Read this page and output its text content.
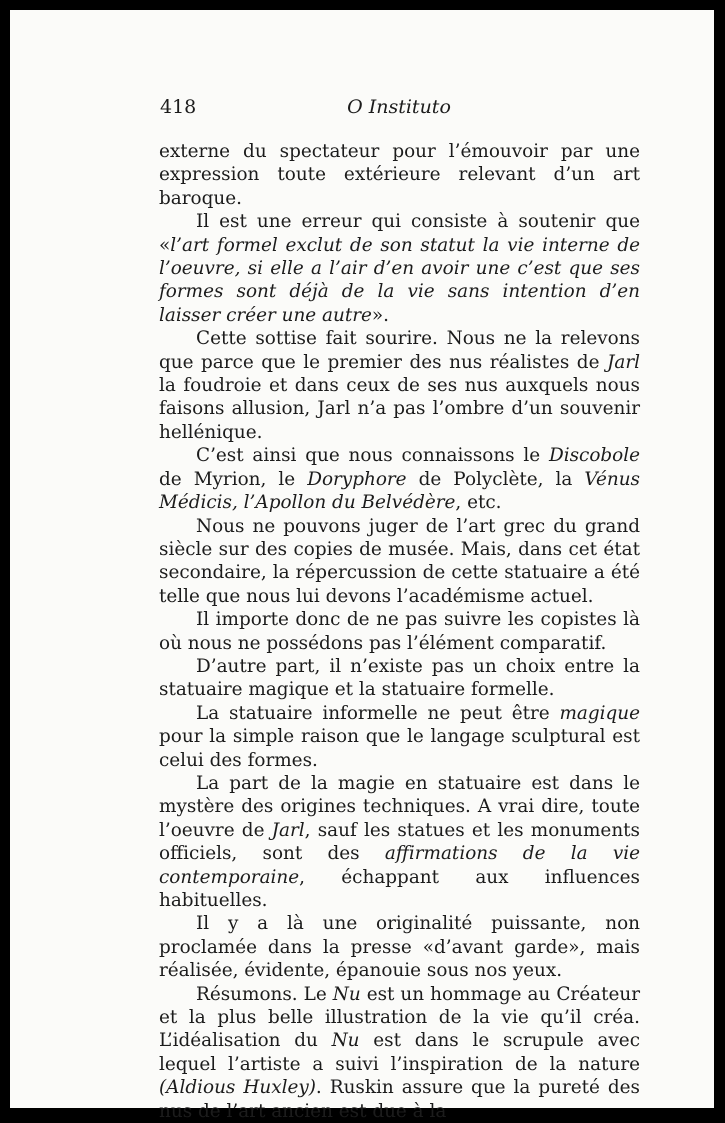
418	O Instituto

externe du spectateur pour l’émouvoir par une expression toute extérieure relevant d’un art baroque.

Il est une erreur qui consiste à soutenir que «l’art formel exclut de son statut la vie interne de l’oeuvre, si elle a l’air d’en avoir une c’est que ses formes sont déjà de la vie sans intention d’en laisser créer une autre».

Cette sottise fait sourire. Nous ne la relevons que parce que le premier des nus réalistes de Jarl la foudroie et dans ceux de ses nus auxquels nous faisons allusion, Jarl n’a pas l’ombre d’un souvenir hellénique.

C’est ainsi que nous connaissons le Discobole de Myrion, le Doryphore de Polyclète, la Vénus Médicis, l’Apollon du Belvédère, etc.

Nous ne pouvons juger de l’art grec du grand siècle sur des copies de musée. Mais, dans cet état secondaire, la répercussion de cette statuaire a été telle que nous lui devons l’académisme actuel.

Il importe donc de ne pas suivre les copistes là où nous ne possédons pas l’élément comparatif.

D’autre part, il n’existe pas un choix entre la statuaire magique et la statuaire formelle.

La statuaire informelle ne peut être magique pour la simple raison que le langage sculptural est celui des formes.

La part de la magie en statuaire est dans le mystère des origines techniques. A vrai dire, toute l’oeuvre de Jarl, sauf les statues et les monuments officiels, sont des affirmations de la vie contemporaine, échappant aux influences habituelles.

Il y a là une originalité puissante, non proclamée dans la presse «d’avant garde», mais réalisée, évidente, épanouie sous nos yeux.

Résumons. Le Nu est un hommage au Créateur et la plus belle illustration de la vie qu’il créa. L’idéalisation du Nu est dans le scrupule avec lequel l’artiste a suivi l’inspiration de la nature (Aldious Huxley). Ruskin assure que la pureté des nus de l’art ancien est due à la
